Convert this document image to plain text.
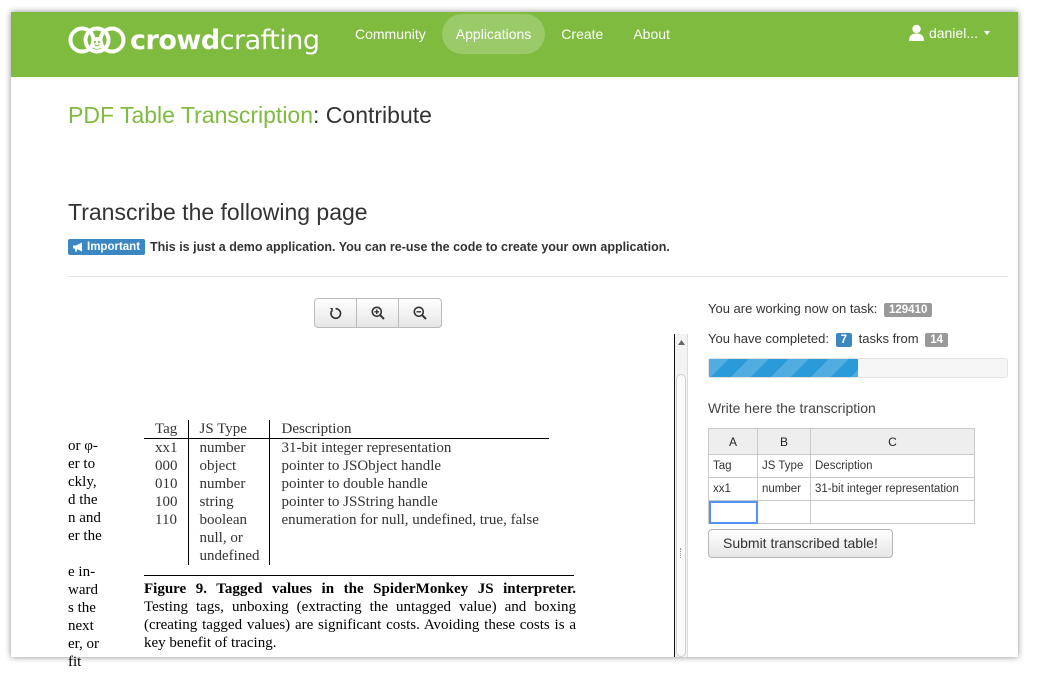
crowdcrafting	Community	Applications	Create	About	daniel...
PDF Table Transcription: Contribute
Transcribe the following page
Important This is just a demo application. You can re-use the code to create your own application.
or φ-
er to
ckly,
d the
n and
er the
e in-
ward
s the
next
er, or
fit
Tag	JS Type	Description
xx1	number	31-bit integer representation
000	object	pointer to JSObject handle
010	number	pointer to double handle
100	string	pointer to JSString handle
110	boolean	enumeration for null, undefined, true, false
	null, or	
	undefined	
Figure 9. Tagged values in the SpiderMonkey JS interpreter. Testing tags, unboxing (extracting the untagged value) and boxing (creating tagged values) are significant costs. Avoiding these costs is a key benefit of tracing.
You are working now on task: 129410
You have completed: 7 tasks from 14
Write here the transcription
A	B	C
Tag	JS Type	Description
xx1	number	31-bit integer representation

Submit transcribed table!
